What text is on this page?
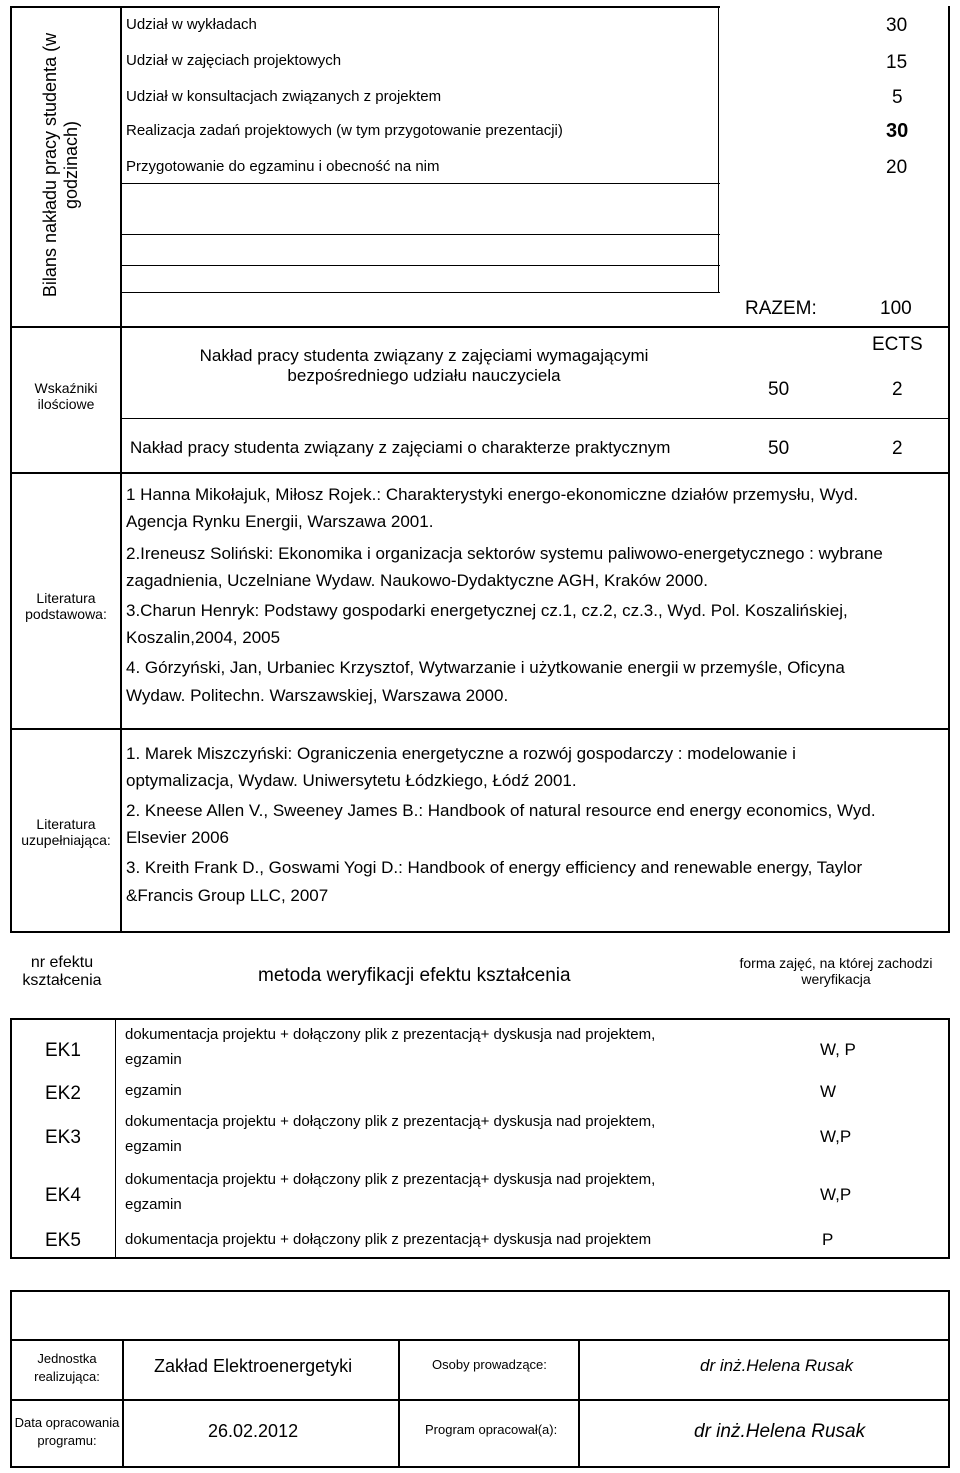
Bilans nakładu pracy studenta (w godzinach)
Udział w wykładach	30
Udział w zajęciach projektowych	15
Udział w konsultacjach związanych z projektem	5
Realizacja zadań projektowych (w tym przygotowanie prezentacji)	30
Przygotowanie do egzaminu i obecność na nim	20
RAZEM:	100
Wskaźniki
ilościowe
ECTS
Nakład pracy studenta związany z zajęciami wymagającymi
bezpośredniego udziału nauczyciela
50	2
Nakład pracy studenta związany z zajęciami o charakterze praktycznym	50	2
Literatura
podstawowa:
1 Hanna Mikołajuk, Miłosz Rojek.: Charakterystyki energo-ekonomiczne działów przemysłu, Wyd.
Agencja Rynku Energii, Warszawa 2001.
2.Ireneusz Soliński: Ekonomika i organizacja sektorów systemu paliwowo-energetycznego : wybrane
zagadnienia, Uczelniane Wydaw. Naukowo-Dydaktyczne AGH, Kraków 2000.
3.Charun Henryk: Podstawy gospodarki energetycznej cz.1, cz.2, cz.3., Wyd. Pol. Koszalińskiej,
Koszalin,2004, 2005
4. Górzyński, Jan, Urbaniec Krzysztof, Wytwarzanie i użytkowanie energii w przemyśle, Oficyna
Wydaw. Politechn. Warszawskiej, Warszawa 2000.
Literatura
uzupełniająca:
1. Marek Miszczyński: Ograniczenia energetyczne a rozwój gospodarczy : modelowanie i
optymalizacja, Wydaw. Uniwersytetu Łódzkiego, Łódź 2001.
2. Kneese Allen V., Sweeney James B.: Handbook of natural resource end energy economics, Wyd.
Elsevier 2006
3. Kreith Frank D., Goswami Yogi D.: Handbook of energy efficiency and renewable energy, Taylor
&Francis Group LLC, 2007
nr efektu
kształcenia	metoda weryfikacji efektu kształcenia
forma zajęć, na której zachodzi
weryfikacja
EK1
dokumentacja projektu + dołączony plik z prezentacją+ dyskusja nad projektem,
egzamin
W, P
EK2	egzamin	W
EK3
dokumentacja projektu + dołączony plik z prezentacją+ dyskusja nad projektem,
egzamin
W,P
EK4
dokumentacja projektu + dołączony plik z prezentacją+ dyskusja nad projektem,
egzamin
W,P
EK5	dokumentacja projektu + dołączony plik z prezentacją+ dyskusja nad projektem	P
Jednostka
realizująca:
Zakład Elektroenergetyki	Osoby prowadzące:	dr inż.Helena Rusak
Data opracowania
programu:	26.02.2012	Program opracował(a):	dr inż.Helena Rusak
